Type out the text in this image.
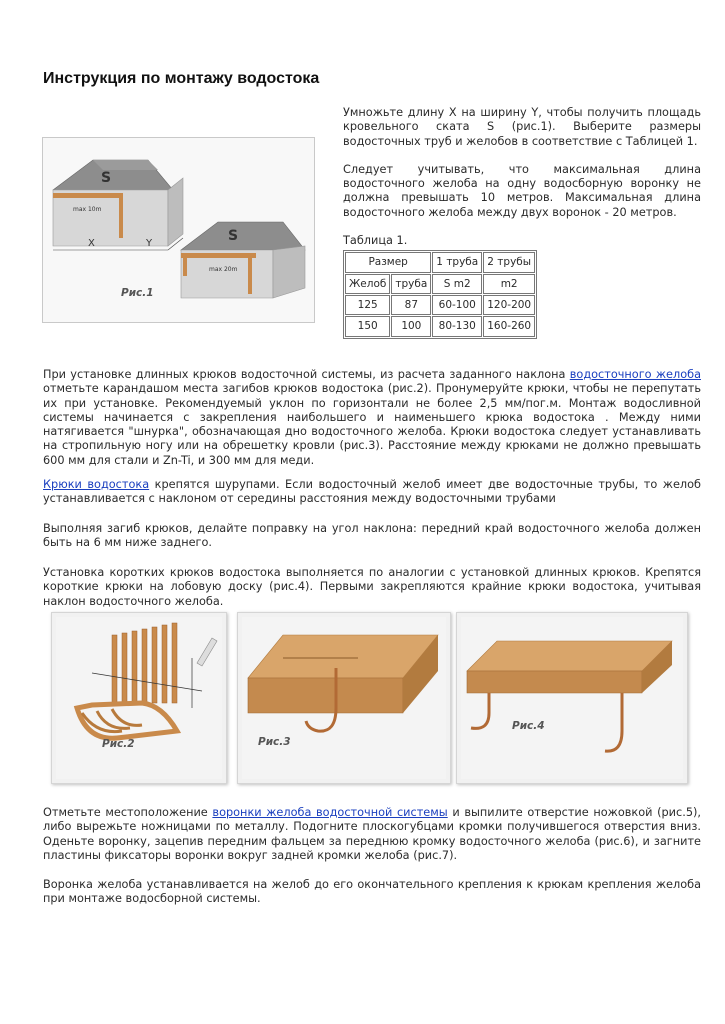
Инструкция по монтажу водостока
S
max 10m
X	Y	S
max 20m
Рис.1

Умножьте длину X на ширину Y, чтобы получить площадь кровельного ската S (рис.1). Выберите размеры водосточных труб и желобов в соответствие с Таблицей 1.

Следует учитывать, что максимальная длина водосточного желоба на одну водосборную воронку не должна превышать 10 метров. Максимальная длина водосточного желоба между двух воронок - 20 метров.

Таблица 1.
Размер		1 труба	2 трубы
Желоб	труба	S m2	m2
125	87	60-100	120-200
150	100	80-130	160-260

При установке длинных крюков водосточной системы, из расчета заданного наклона водосточного желоба отметьте карандашом места загибов крюков водостока (рис.2). Пронумеруйте крюки, чтобы не перепутать их при установке. Рекомендуемый уклон по горизонтали не более 2,5 мм/пог.м. Монтаж водосливной системы начинается с закрепления наибольшего и наименьшего крюка водостока . Между ними натягивается "шнурка", обозначающая дно водосточного желоба. Крюки водостока следует устанавливать на стропильную ногу или на обрешетку кровли (рис.3). Расстояние между крюками не должно превышать 600 мм для стали и Zn-Ti, и 300 мм для меди.

Крюки водостока крепятся шурупами. Если водосточный желоб имеет две водосточные трубы, то желоб устанавливается с наклоном от середины расстояния между водосточными трубами

Выполняя загиб крюков, делайте поправку на угол наклона: передний край водосточного желоба должен быть на 6 мм ниже заднего.

Установка коротких крюков водостока выполняется по аналогии с установкой длинных крюков. Крепятся короткие крюки на лобовую доску (рис.4). Первыми закрепляются крайние крюки водостока, учитывая наклон водосточного желоба.

Рис.2	Рис.3
Рис.4

Отметьте местоположение воронки желоба водосточной системы и выпилите отверстие ножовкой (рис.5), либо вырежьте ножницами по металлу. Подогните плоскогубцами кромки получившегося отверстия вниз. Оденьте воронку, зацепив передним фальцем за переднюю кромку водосточного желоба (рис.6), и загните пластины фиксаторы воронки вокруг задней кромки желоба (рис.7).

Воронка желоба устанавливается на желоб до его окончательного крепления к крюкам крепления желоба при монтаже водосборной системы.
